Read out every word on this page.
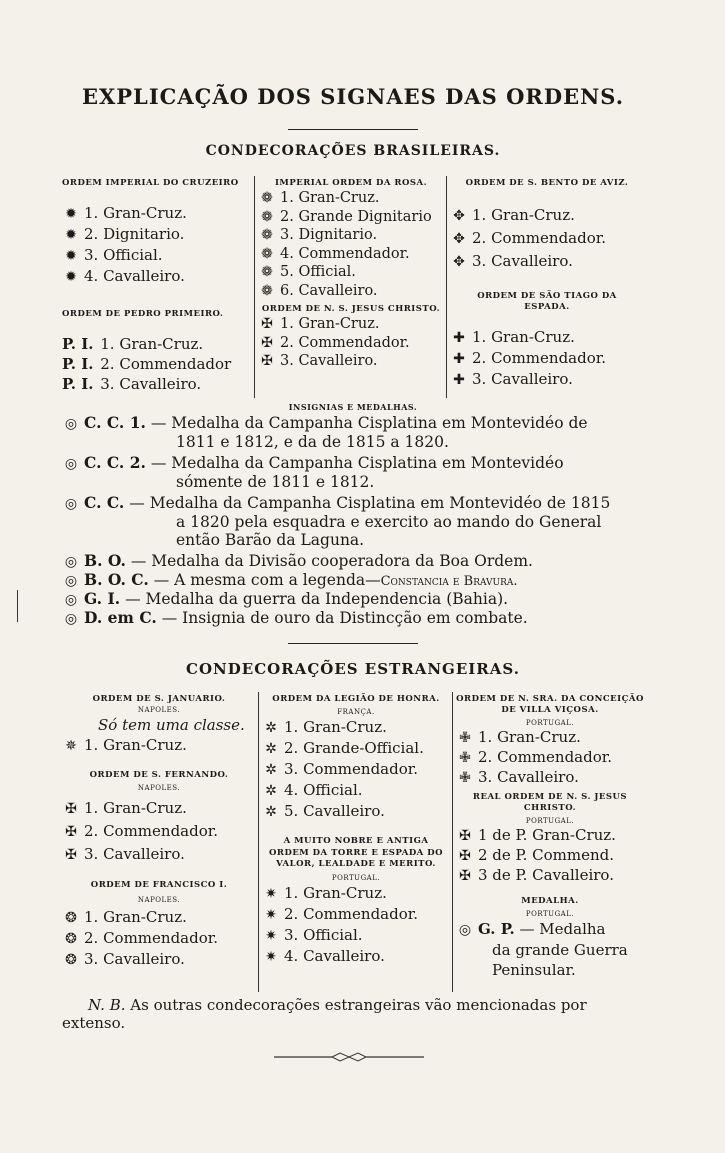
EXPLICAÇÃO DOS SIGNAES DAS ORDENS.
CONDECORAÇÕES BRASILEIRAS.
ORDEM IMPERIAL DO CRUZEIRO
✹ 1. Gran-Cruz.
✹ 2. Dignitario.
✹ 3. Official.
✹ 4. Cavalleiro.
ORDEM DE PEDRO PRIMEIRO.
P. I. 1. Gran-Cruz.
P. I. 2. Commendador
P. I. 3. Cavalleiro.
IMPERIAL ORDEM DA ROSA.
❁ 1. Gran-Cruz.
❁ 2. Grande Dignitario
❁ 3. Dignitario.
❁ 4. Commendador.
❁ 5. Official.
❁ 6. Cavalleiro.
ORDEM DE N. S. JESUS CHRISTO.
✠ 1. Gran-Cruz.
✠ 2. Commendador.
✠ 3. Cavalleiro.
ORDEM DE S. BENTO DE AVIZ.
✥ 1. Gran-Cruz.
✥ 2. Commendador.
✥ 3. Cavalleiro.
ORDEM DE SÃO TIAGO DA ESPADA.
✚ 1. Gran-Cruz.
✚ 2. Commendador.
✚ 3. Cavalleiro.
INSIGNIAS E MEDALHAS.
◎ C. C. 1. — Medalha da Campanha Cisplatina em Montevidéo de
1811 e 1812, e da de 1815 a 1820.
◎ C. C. 2. — Medalha da Campanha Cisplatina em Montevidéo
sómente de 1811 e 1812.
◎ C. C. — Medalha da Campanha Cisplatina em Montevidéo de 1815
a 1820 pela esquadra e exercito ao mando do General
então Barão da Laguna.
◎ B. O. — Medalha da Divisão cooperadora da Boa Ordem.
◎ B. O. C. — A mesma com a legenda—Constancia e Bravura.
◎ G. I. — Medalha da guerra da Independencia (Bahia).
◎ D. em C. — Insignia de ouro da Distincção em combate.
CONDECORAÇÕES ESTRANGEIRAS.
ORDEM DE S. JANUARIO.
NAPOLES.
Só tem uma classe.
✵ 1. Gran-Cruz.
ORDEM DE S. FERNANDO.
NAPOLES.
✠ 1. Gran-Cruz.
✠ 2. Commendador.
✠ 3. Cavalleiro.
ORDEM DE FRANCISCO I.
NAPOLES.
❂ 1. Gran-Cruz.
❂ 2. Commendador.
❂ 3. Cavalleiro.
ORDEM DA LEGIÃO DE HONRA.
FRANÇA.
✲ 1. Gran-Cruz.
✲ 2. Grande-Official.
✲ 3. Commendador.
✲ 4. Official.
✲ 5. Cavalleiro.
A MUITO NOBRE E ANTIGA ORDEM DA TORRE E ESPADA DO VALOR, LEALDADE E MERITO.
PORTUGAL.
✷ 1. Gran-Cruz.
✷ 2. Commendador.
✷ 3. Official.
✷ 4. Cavalleiro.
ORDEM DE N. SRA. DA CONCEIÇÃO DE VILLA VIÇOSA.
PORTUGAL.
✙ 1. Gran-Cruz.
✙ 2. Commendador.
✙ 3. Cavalleiro.
REAL ORDEM DE N. S. JESUS CHRISTO.
PORTUGAL.
✠ 1 de P. Gran-Cruz.
✠ 2 de P. Commend.
✠ 3 de P. Cavalleiro.
MEDALHA.
PORTUGAL.
◎ G. P. — Medalha
da grande Guerra
Peninsular.
N. B. As outras condecorações estrangeiras vão mencionadas por
extenso.
